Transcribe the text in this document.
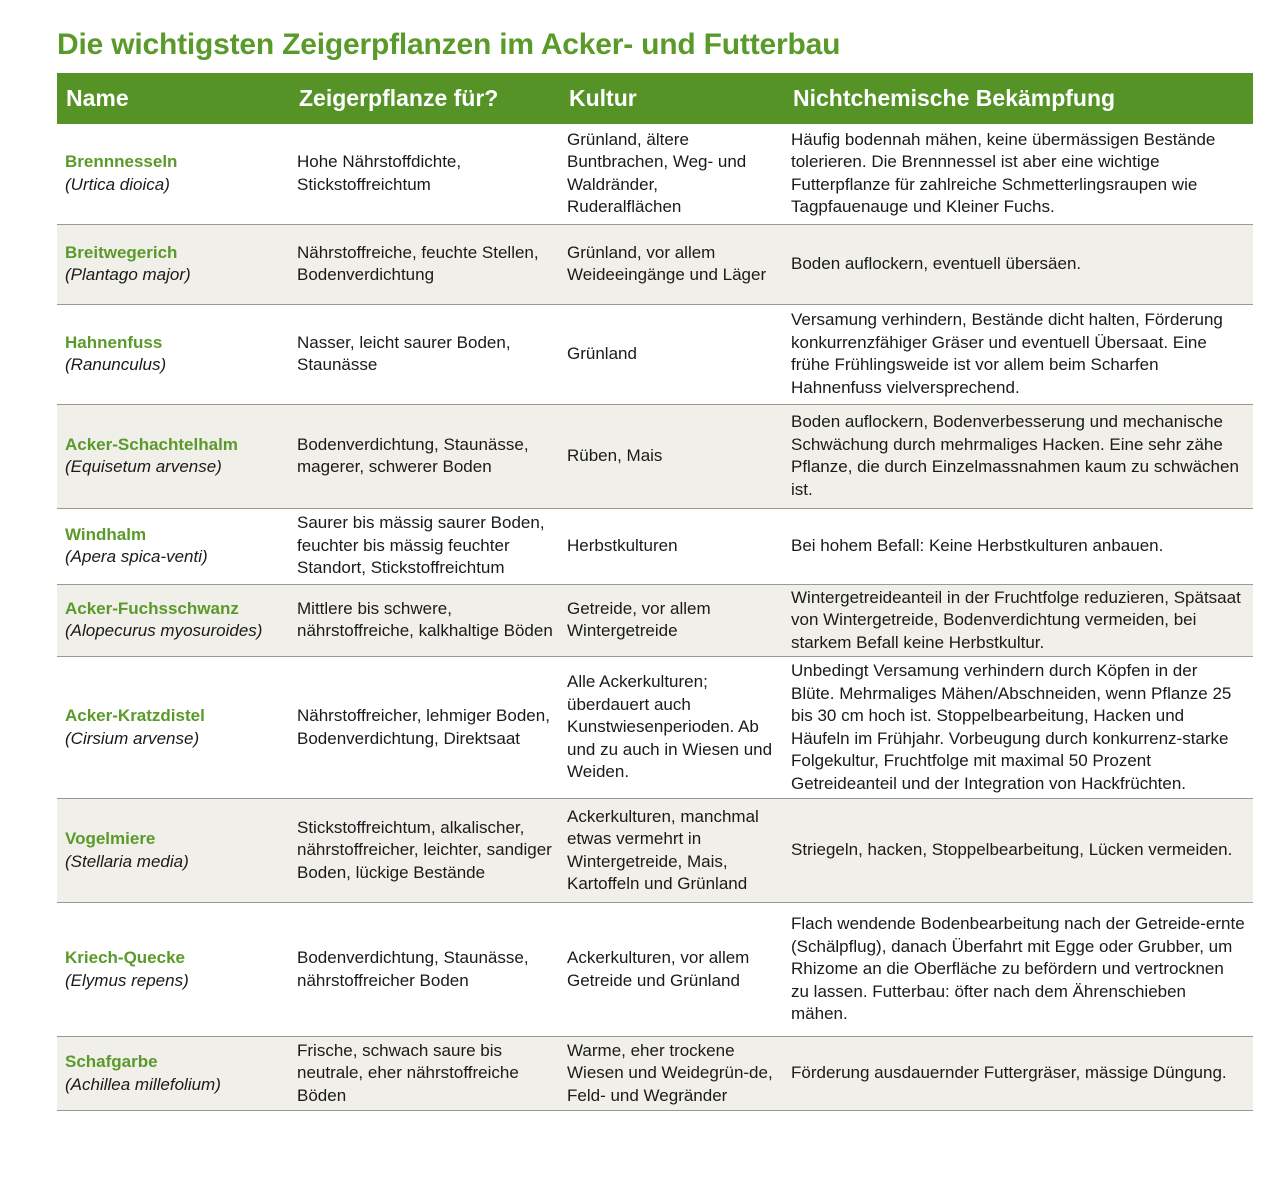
Die wichtigsten Zeigerpflanzen im Acker- und Futterbau
Name	Zeigerpflanze für?	Kultur	Nichtchemische Bekämpfung

Brennnesseln
(Urtica dioica)	Hohe Nährstoffdichte, Stickstoffreichtum	Grünland, ältere Buntbrachen, Weg- und Waldränder, Ruderalflächen	Häufig bodennah mähen, keine übermässigen Bestände tolerieren. Die Brennnessel ist aber eine wichtige Futterpflanze für zahlreiche Schmetterlingsraupen wie Tagpfauenauge und Kleiner Fuchs.

Breitwegerich
(Plantago major)	Nährstoffreiche, feuchte Stellen, Bodenverdichtung	Grünland, vor allem Weideeingänge und Läger	Boden auflockern, eventuell übersäen.

Hahnenfuss
(Ranunculus)	Nasser, leicht saurer Boden, Staunässe	Grünland	Versamung verhindern, Bestände dicht halten, Förderung konkurrenzfähiger Gräser und eventuell Übersaat. Eine frühe Frühlingsweide ist vor allem beim Scharfen Hahnenfuss vielversprechend.

Acker-Schachtelhalm
(Equisetum arvense)	Bodenverdichtung, Staunässe, magerer, schwerer Boden	Rüben, Mais	Boden auflockern, Bodenverbesserung und mechanische Schwächung durch mehrmaliges Hacken. Eine sehr zähe Pflanze, die durch Einzelmassnahmen kaum zu schwächen ist.

Windhalm
(Apera spica-venti)	Saurer bis mässig saurer Boden, feuchter bis mässig feuchter Standort, Stickstoffreichtum	Herbstkulturen	Bei hohem Befall: Keine Herbstkulturen anbauen.

Acker-Fuchsschwanz
(Alopecurus myosuroides)	Mittlere bis schwere, nährstoffreiche, kalkhaltige Böden	Getreide, vor allem Wintergetreide	Wintergetreideanteil in der Fruchtfolge reduzieren, Spätsaat von Wintergetreide, Bodenverdichtung vermeiden, bei starkem Befall keine Herbstkultur.

Acker-Kratzdistel
(Cirsium arvense)	Nährstoffreicher, lehmiger Boden, Bodenverdichtung, Direktsaat	Alle Ackerkulturen; überdauert auch Kunstwiesenperioden. Ab und zu auch in Wiesen und Weiden.	Unbedingt Versamung verhindern durch Köpfen in der Blüte. Mehrmaliges Mähen/Abschneiden, wenn Pflanze 25 bis 30 cm hoch ist. Stoppelbearbeitung, Hacken und Häufeln im Frühjahr. Vorbeugung durch konkurrenz-starke Folgekultur, Fruchtfolge mit maximal 50 Prozent Getreideanteil und der Integration von Hackfrüchten.

Vogelmiere
(Stellaria media)	Stickstoffreichtum, alkalischer, nährstoffreicher, leichter, sandiger Boden, lückige Bestände	Ackerkulturen, manchmal etwas vermehrt in Wintergetreide, Mais, Kartoffeln und Grünland	Striegeln, hacken, Stoppelbearbeitung, Lücken vermeiden.

Kriech-Quecke
(Elymus repens)	Bodenverdichtung, Staunässe, nährstoffreicher Boden	Ackerkulturen, vor allem Getreide und Grünland	Flach wendende Bodenbearbeitung nach der Getreide-ernte (Schälpflug), danach Überfahrt mit Egge oder Grubber, um Rhizome an die Oberfläche zu befördern und vertrocknen zu lassen. Futterbau: öfter nach dem Ährenschieben mähen.

Schafgarbe
(Achillea millefolium)	Frische, schwach saure bis neutrale, eher nährstoffreiche Böden	Warme, eher trockene Wiesen und Weidegrün-de, Feld- und Wegränder	Förderung ausdauernder Futtergräser, mässige Düngung.
